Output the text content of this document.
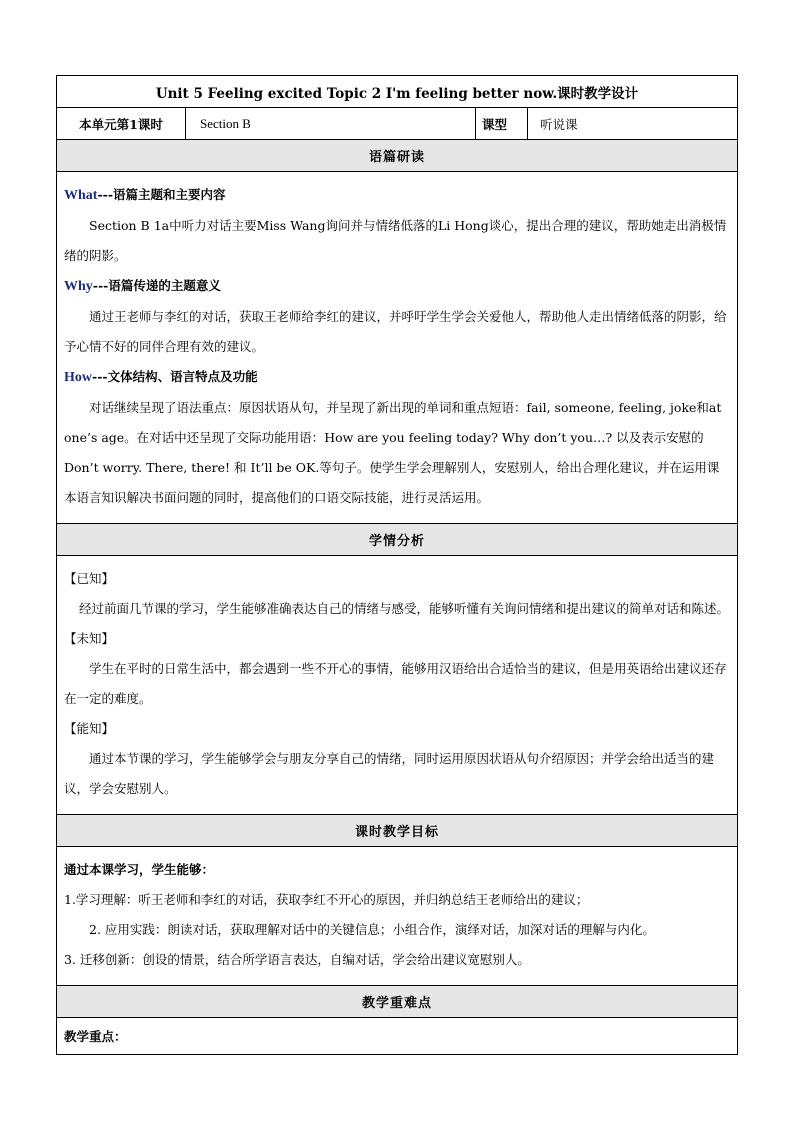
Unit 5 Feeling excited Topic 2 I'm feeling better now.课时教学设计
本单元第1课时	Section B	课型	听说课
语篇研读

What---语篇主题和主要内容

Section B 1a中听力对话主要Miss Wang询问并与情绪低落的Li Hong谈心，提出合理的建议，帮助她走出消极情绪的阴影。

Why---语篇传递的主题意义

通过王老师与李红的对话，获取王老师给李红的建议，并呼吁学生学会关爱他人，帮助他人走出情绪低落的阴影，给予心情不好的同伴合理有效的建议。

How---文体结构、语言特点及功能

对话继续呈现了语法重点：原因状语从句，并呈现了新出现的单词和重点短语：fail, someone, feeling, joke和at one’s age。在对话中还呈现了交际功能用语：How are you feeling today? Why don’t you…? 以及表示安慰的Don’t worry. There, there! 和 It’ll be OK.等句子。使学生学会理解别人，安慰别人，给出合理化建议，并在运用课本语言知识解决书面问题的同时，提高他们的口语交际技能，进行灵活运用。

学情分析

【已知】

经过前面几节课的学习，学生能够准确表达自己的情绪与感受，能够听懂有关询问情绪和提出建议的简单对话和陈述。

【未知】

学生在平时的日常生活中，都会遇到一些不开心的事情，能够用汉语给出合适恰当的建议，但是用英语给出建议还存在一定的难度。

【能知】

通过本节课的学习，学生能够学会与朋友分享自己的情绪，同时运用原因状语从句介绍原因；并学会给出适当的建议，学会安慰别人。

课时教学目标

通过本课学习，学生能够：

1.学习理解：听王老师和李红的对话，获取李红不开心的原因，并归纳总结王老师给出的建议；

2. 应用实践：朗读对话，获取理解对话中的关键信息；小组合作，演绎对话，加深对话的理解与内化。

3. 迁移创新：创设的情景，结合所学语言表达，自编对话，学会给出建议宽慰别人。

教学重难点

教学重点：
